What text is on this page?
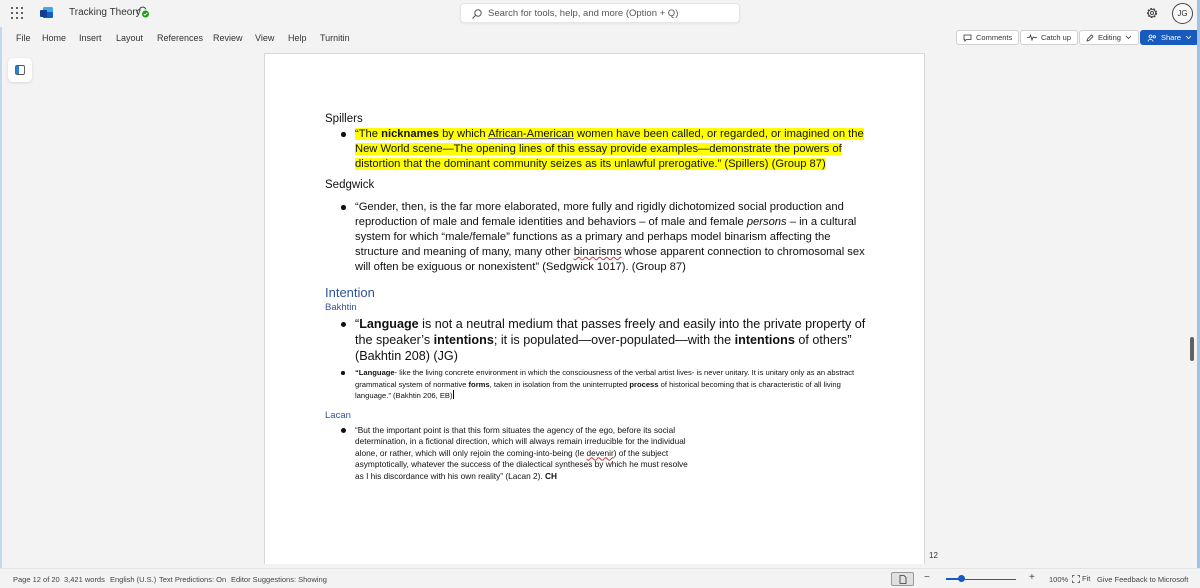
Tracking Theory	Search for tools, help, and more (Option + Q)	JG
File Home Insert Layout References Review View Help Turnitin	Comments	Catch up	Editing	Share

Spillers

“The nicknames by which African-American women have been called, or regarded, or imagined on the New World scene—The opening lines of this essay provide examples—demonstrate the powers of distortion that the dominant community seizes as its unlawful prerogative.” (Spillers) (Group 87)

Sedgwick

“Gender, then, is the far more elaborated, more fully and rigidly dichotomized social production and reproduction of male and female identities and behaviors – of male and female persons – in a cultural system for which “male/female” functions as a primary and perhaps model binarism affecting the structure and meaning of many, many other binarisms whose apparent connection to chromosomal sex will often be exiguous or nonexistent” (Sedgwick 1017). (Group 87)

Intention

Bakhtin

“Language is not a neutral medium that passes freely and easily into the private property of the speaker’s intentions; it is populated—over-populated—with the intentions of others” (Bakhtin 208) (JG)

“Language- like the living concrete environment in which the consciousness of the verbal artist lives- is never unitary. It is unitary only as an abstract grammatical system of normative forms, taken in isolation from the uninterrupted process of historical becoming that is characteristic of all living language.” (Bakhtin 206, EB)

Lacan

“But the important point is that this form situates the agency of the ego, before its social determination, in a fictional direction, which will always remain irreducible for the individual alone, or rather, which will only rejoin the coming-into-being (le devenir) of the subject asymptotically, whatever the success of the dialectical syntheses by which he must resolve as I his discordance with his own reality” (Lacan 2). CH

12
Page 12 of 20 3,421 words English (U.S.) Text Predictions: On Editor Suggestions: Showing	−	+ 100% Fit Give Feedback to Microsoft
